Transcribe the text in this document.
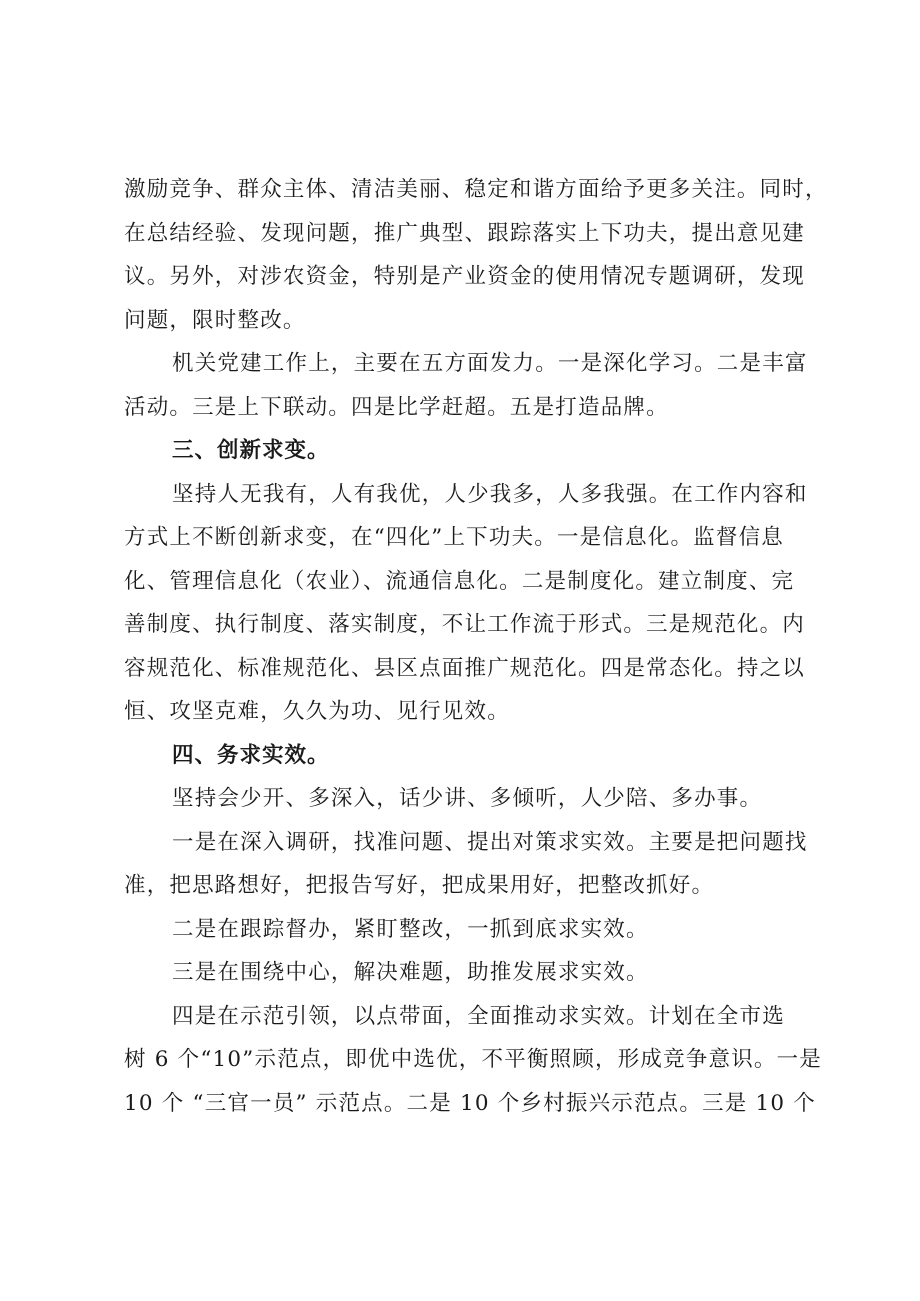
激励竞争、群众主体、清洁美丽、稳定和谐方面给予更多关注。同时，
在总结经验、发现问题，推广典型、跟踪落实上下功夫，提出意见建
议。另外，对涉农资金，特别是产业资金的使用情况专题调研，发现
问题，限时整改。
机关党建工作上，主要在五方面发力。一是深化学习。二是丰富
活动。三是上下联动。四是比学赶超。五是打造品牌。
三、创新求变。
坚持人无我有，人有我优，人少我多，人多我强。在工作内容和
方式上不断创新求变，在“四化”上下功夫。一是信息化。监督信息
化、管理信息化（农业）、流通信息化。二是制度化。建立制度、完
善制度、执行制度、落实制度，不让工作流于形式。三是规范化。内
容规范化、标准规范化、县区点面推广规范化。四是常态化。持之以
恒、攻坚克难，久久为功、见行见效。
四、务求实效。
坚持会少开、多深入，话少讲、多倾听，人少陪、多办事。
一是在深入调研，找准问题、提出对策求实效。主要是把问题找
准，把思路想好，把报告写好，把成果用好，把整改抓好。
二是在跟踪督办，紧盯整改，一抓到底求实效。
三是在围绕中心，解决难题，助推发展求实效。
四是在示范引领，以点带面，全面推动求实效。计划在全市选
树 6 个“10”示范点，即优中选优，不平衡照顾，形成竞争意识。一是
10 个 “三官一员” 示范点。二是 10 个乡村振兴示范点。三是 10 个
